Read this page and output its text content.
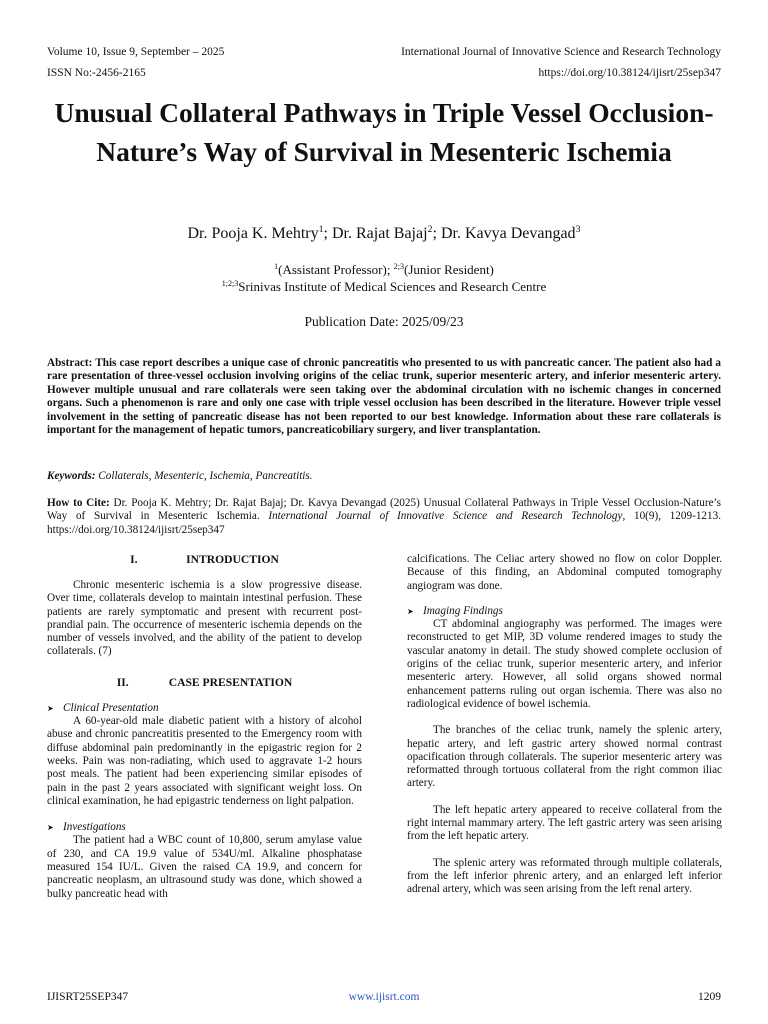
Volume 10, Issue 9, September – 2025	International Journal of Innovative Science and Research Technology
ISSN No:-2456-2165	https://doi.org/10.38124/ijisrt/25sep347
Unusual Collateral Pathways in Triple Vessel Occlusion-Nature’s Way of Survival in Mesenteric Ischemia
Dr. Pooja K. Mehtry$^1$; Dr. Rajat Bajaj$^2$; Dr. Kavya Devangad$^3$
$^1$(Assistant Professor); $^{2;3}$(Junior Resident)
$^{1;2;3}$Srinivas Institute of Medical Sciences and Research Centre
Publication Date: 2025/09/23
Abstract: This case report describes a unique case of chronic pancreatitis who presented to us with pancreatic cancer. The patient also had a rare presentation of three-vessel occlusion involving origins of the celiac trunk, superior mesenteric artery, and inferior mesenteric artery. However multiple unusual and rare collaterals were seen taking over the abdominal circulation with no ischemic changes in concerned organs. Such a phenomenon is rare and only one case with triple vessel occlusion has been described in the literature. However triple vessel involvement in the setting of pancreatic disease has not been reported to our best knowledge. Information about these rare collaterals is important for the management of hepatic tumors, pancreaticobiliary surgery, and liver transplantation.
Keywords: Collaterals, Mesenteric, Ischemia, Pancreatitis.
How to Cite: Dr. Pooja K. Mehtry; Dr. Rajat Bajaj; Dr. Kavya Devangad (2025) Unusual Collateral Pathways in Triple Vessel Occlusion-Nature’s Way of Survival in Mesenteric Ischemia. International Journal of Innovative Science and Research Technology, 10(9), 1209-1213. https://doi.org/10.38124/ijisrt/25sep347
I.	INTRODUCTION

Chronic mesenteric ischemia is a slow progressive disease. Over time, collaterals develop to maintain intestinal perfusion. These patients are rarely symptomatic and present with recurrent post-prandial pain. The occurrence of mesenteric ischemia depends on the number of vessels involved, and the ability of the patient to develop collaterals. (7)

II.	CASE PRESENTATION
➤ Clinical Presentation

A 60-year-old male diabetic patient with a history of alcohol abuse and chronic pancreatitis presented to the Emergency room with diffuse abdominal pain predominantly in the epigastric region for 2 weeks. Pain was non-radiating, which used to aggravate 1-2 hours post meals. The patient had been experiencing similar episodes of pain in the past 2 years associated with significant weight loss. On clinical examination, he had epigastric tenderness on light palpation.

➤ Investigations

The patient had a WBC count of 10,800, serum amylase value of 230, and CA 19.9 value of 534U/ml. Alkaline phosphatase measured 154 IU/L. Given the raised CA 19.9, and concern for pancreatic neoplasm, an ultrasound study was done, which showed a bulky pancreatic head with

calcifications. The Celiac artery showed no flow on color Doppler. Because of this finding, an Abdominal computed tomography angiogram was done.

➤ Imaging Findings

CT abdominal angiography was performed. The images were reconstructed to get MIP, 3D volume rendered images to study the vascular anatomy in detail. The study showed complete occlusion of origins of the celiac trunk, superior mesenteric artery, and inferior mesenteric artery. However, all solid organs showed normal enhancement patterns ruling out organ ischemia. There was also no radiological evidence of bowel ischemia.

The branches of the celiac trunk, namely the splenic artery, hepatic artery, and left gastric artery showed normal contrast opacification through collaterals. The superior mesenteric artery was reformatted through tortuous collateral from the right common iliac artery.

The left hepatic artery appeared to receive collateral from the right internal mammary artery. The left gastric artery was seen arising from the left hepatic artery.

The splenic artery was reformated through multiple collaterals, from the left inferior phrenic artery, and an enlarged left inferior adrenal artery, which was seen arising from the left renal artery.

IJISRT25SEP347	www.ijisrt.com	1209
